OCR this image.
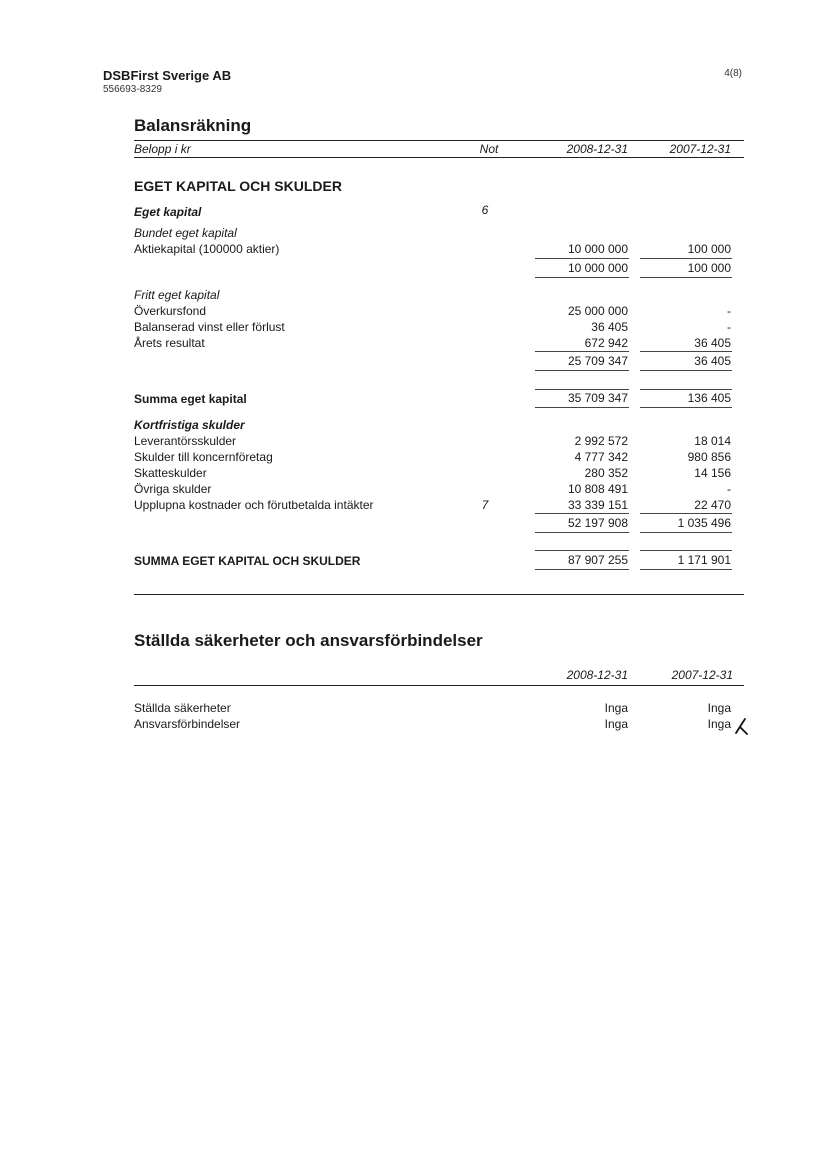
DSBFirst Sverige AB
556693-8329
4(8)
Balansräkning
Belopp i kr	Not	2008-12-31	2007-12-31
EGET KAPITAL OCH SKULDER
Eget kapital	6
Bundet eget kapital
Aktiekapital (100000 aktier)	10 000 000	100 000
10 000 000	100 000
Fritt eget kapital
Överkursfond	25 000 000	-
Balanserad vinst eller förlust	36 405	-
Årets resultat	672 942	36 405
25 709 347	36 405
Summa eget kapital	35 709 347	136 405
Kortfristiga skulder
Leverantörsskulder	2 992 572	18 014
Skulder till koncernföretag	4 777 342	980 856
Skatteskulder	280 352	14 156
Övriga skulder	10 808 491	-
Upplupna kostnader och förutbetalda intäkter	7	33 339 151	22 470
52 197 908	1 035 496
SUMMA EGET KAPITAL OCH SKULDER	87 907 255	1 171 901
Ställda säkerheter och ansvarsförbindelser
2008-12-31	2007-12-31
Ställda säkerheter	Inga	Inga
Ansvarsförbindelser	Inga	Inga
